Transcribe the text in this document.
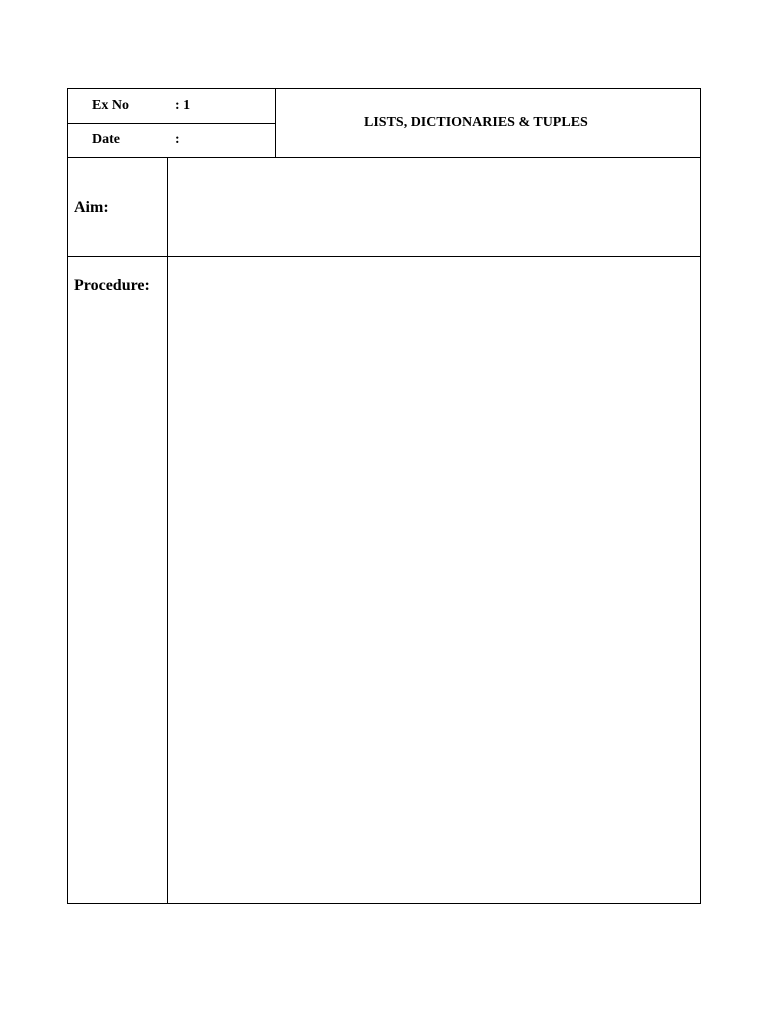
Ex No	: 1
Date	:
LISTS, DICTIONARIES & TUPLES
Aim:
Procedure:
